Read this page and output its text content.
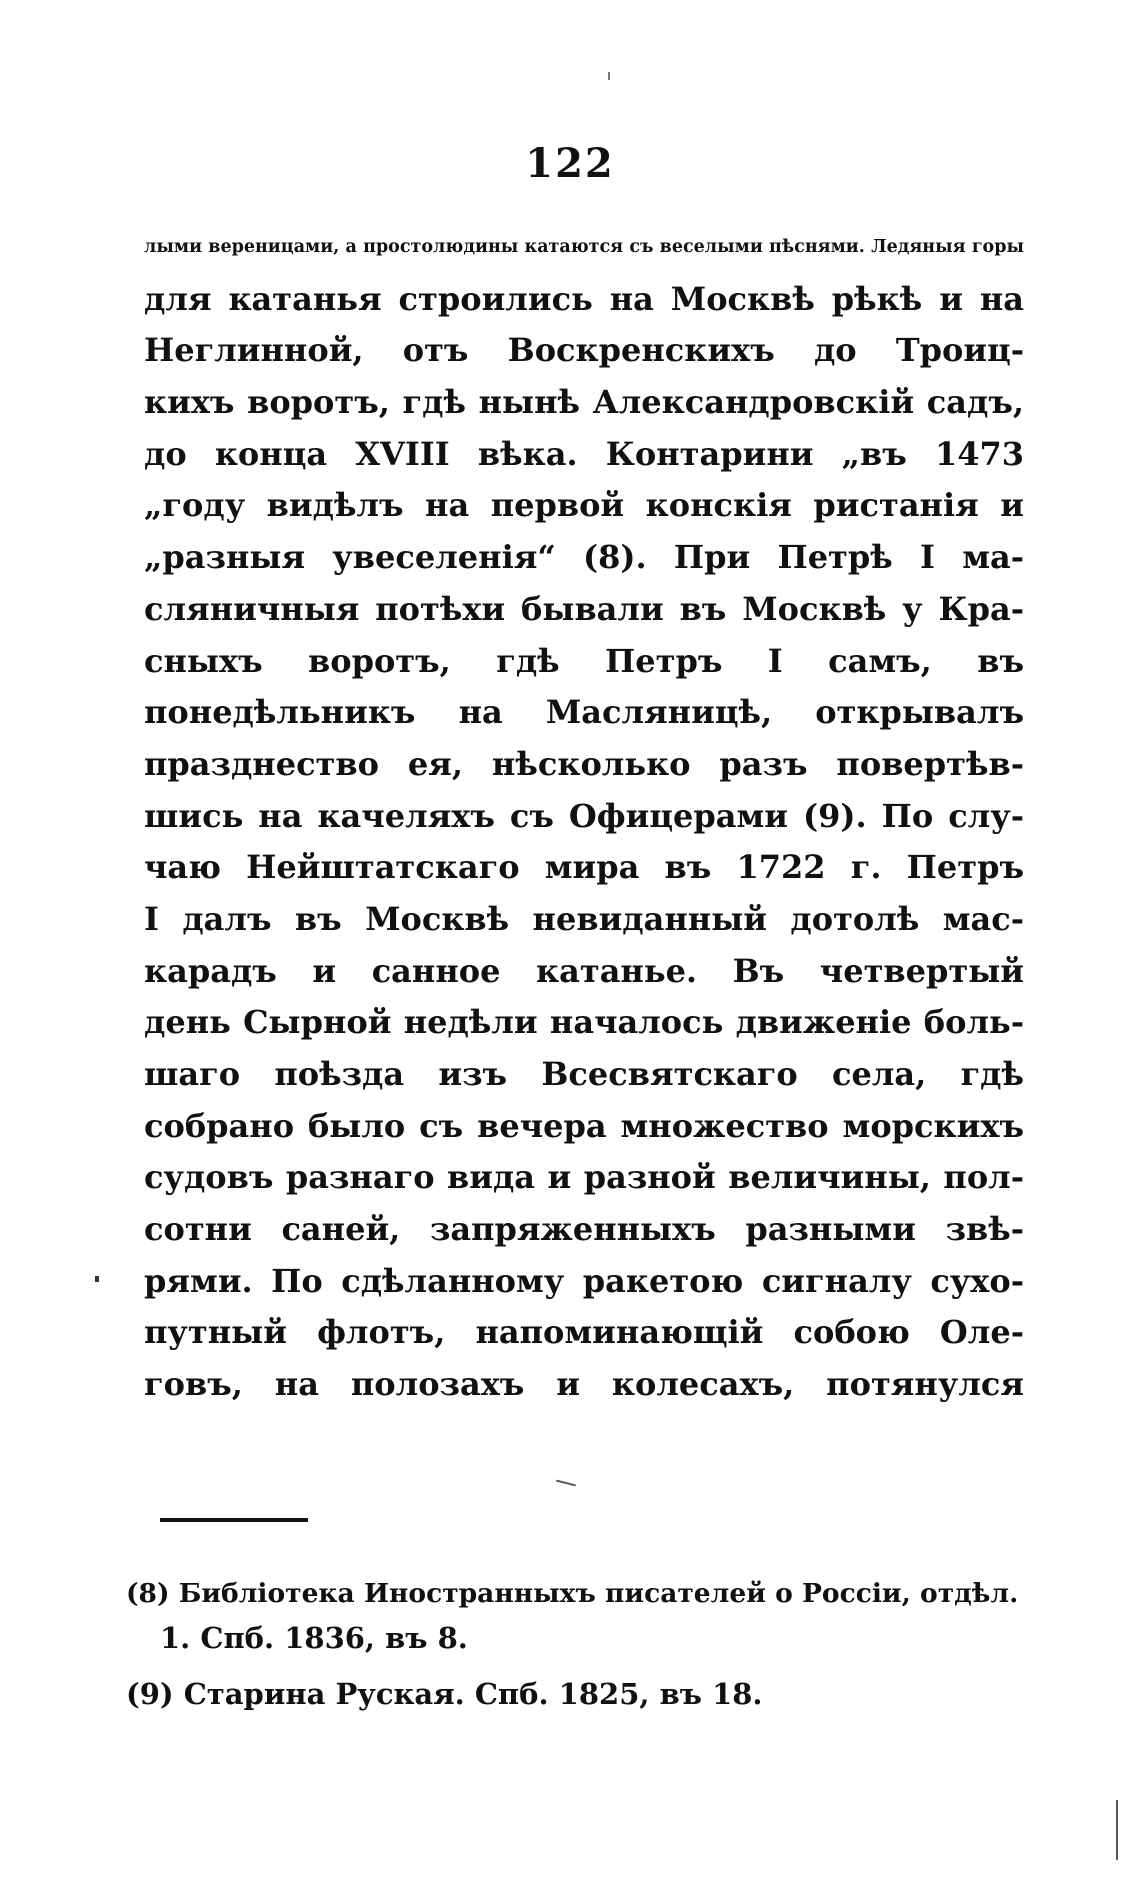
122
лыми вереницами, а простолюдины катаются съ веселыми пѣснями. Ледяныя горы
для катанья строились на Москвѣ рѣкѣ и на
Неглинной, отъ Воскренскихъ до Троиц-
кихъ воротъ, гдѣ нынѣ Александровскій садъ,
до конца XVIII вѣка. Контарини „въ 1473
„году видѣлъ на первой конскія ристанія и
„разныя увеселенія“ (8). При Петрѣ I ма-
сляничныя потѣхи бывали въ Москвѣ у Кра-
сныхъ воротъ, гдѣ Петръ I самъ, въ
понедѣльникъ на Масляницѣ, открывалъ
празднество ея, нѣсколько разъ повертѣв-
шись на качеляхъ съ Офицерами (9). По слу-
чаю Нейштатскаго мира въ 1722 г. Петръ
I далъ въ Москвѣ невиданный дотолѣ мас-
карадъ и санное катанье. Въ четвертый
день Сырной недѣли началось движеніе боль-
шаго поѣзда изъ Всесвятскаго села, гдѣ
собрано было съ вечера множество морскихъ
судовъ разнаго вида и разной величины, пол-
сотни саней, запряженныхъ разными звѣ-
рями. По сдѣланному ракетою сигналу сухо-
путный флотъ, напоминающій собою Оле-
говъ, на полозахъ и колесахъ, потянулся
(8) Библіотека Иностранныхъ писателей о Россіи, отдѣл.
1. Спб. 1836, въ 8.
(9) Старина Руская. Спб. 1825, въ 18.
